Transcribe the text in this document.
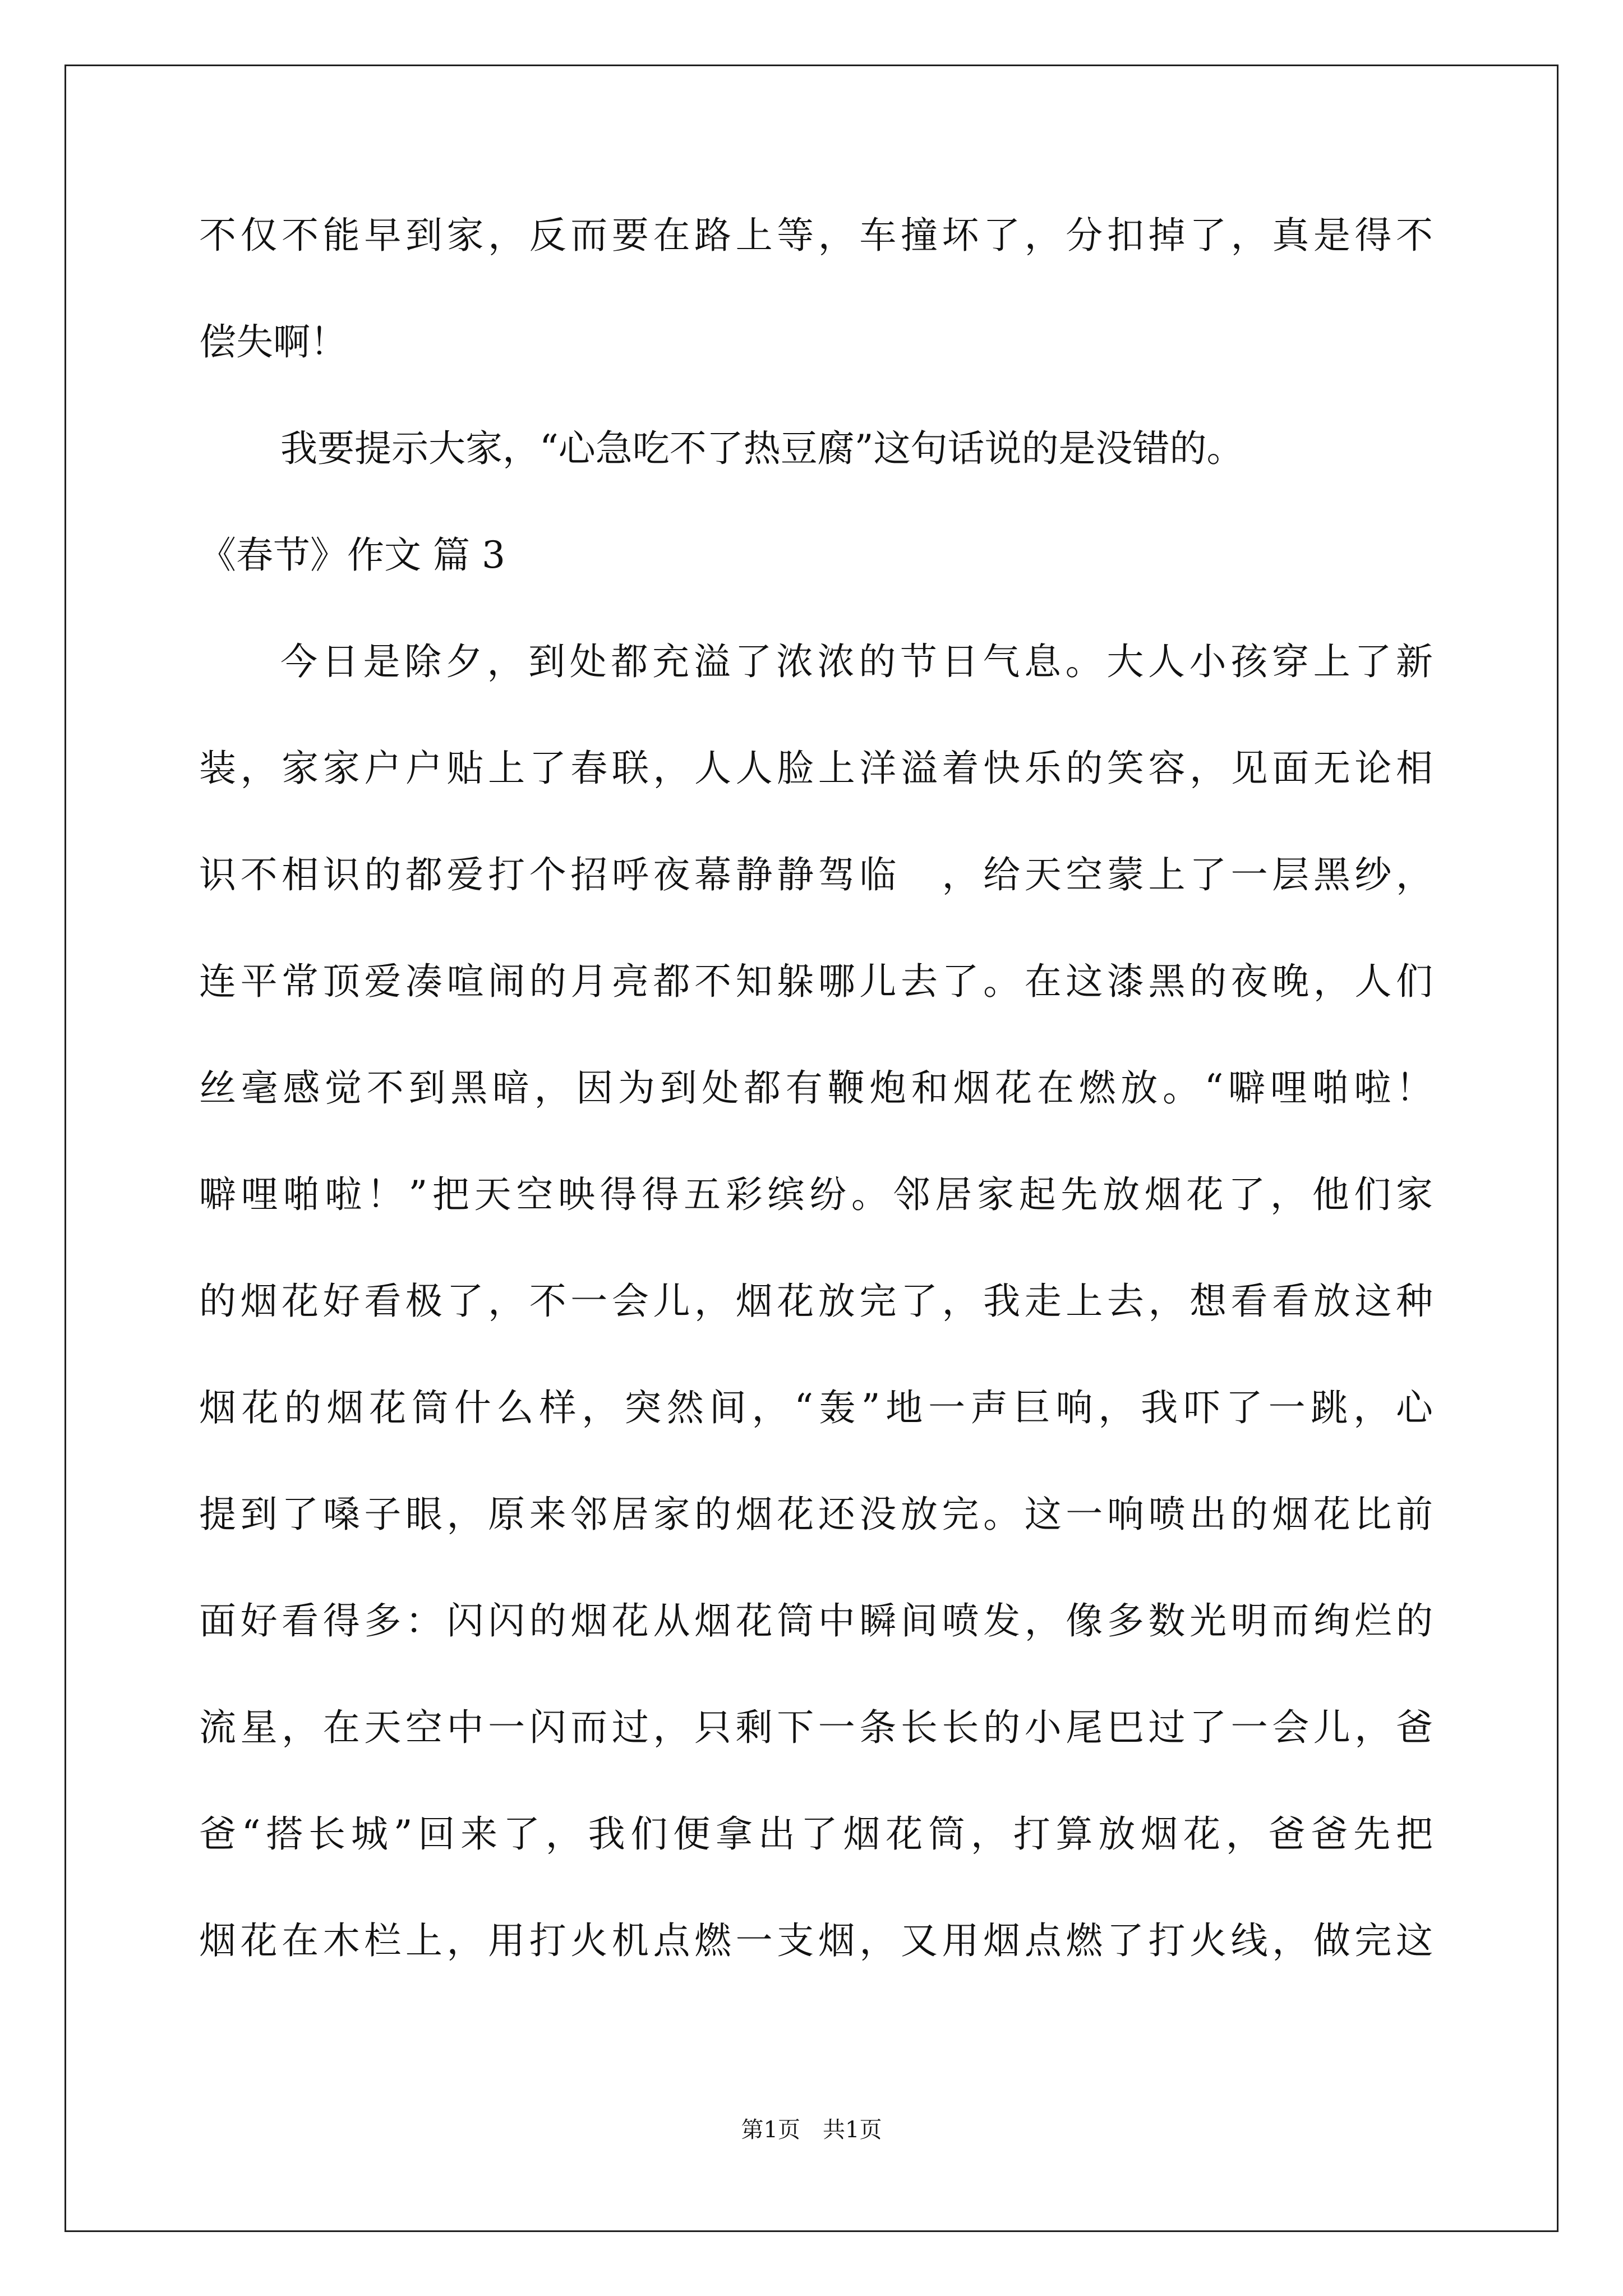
不仅不能早到家，反而要在路上等，车撞坏了，分扣掉了，真是得不
偿失啊！
我要提示大家，“心急吃不了热豆腐”这句话说的是没错的。
《春节》作文 篇 3
今日是除夕，到处都充溢了浓浓的节日气息。大人小孩穿上了新
装，家家户户贴上了春联，人人脸上洋溢着快乐的笑容，见面无论相
识不相识的都爱打个招呼夜幕静静驾临　，给天空蒙上了一层黑纱，
连平常顶爱凑喧闹的月亮都不知躲哪儿去了。在这漆黑的夜晚，人们
丝毫感觉不到黑暗，因为到处都有鞭炮和烟花在燃放。“噼哩啪啦！
噼哩啪啦！”把天空映得得五彩缤纷。邻居家起先放烟花了，他们家
的烟花好看极了，不一会儿，烟花放完了，我走上去，想看看放这种
烟花的烟花筒什么样，突然间，“轰”地一声巨响，我吓了一跳，心
提到了嗓子眼，原来邻居家的烟花还没放完。这一响喷出的烟花比前
面好看得多：闪闪的烟花从烟花筒中瞬间喷发，像多数光明而绚烂的
流星，在天空中一闪而过，只剩下一条长长的小尾巴过了一会儿，爸
爸“搭长城”回来了，我们便拿出了烟花筒，打算放烟花，爸爸先把
烟花在木栏上，用打火机点燃一支烟，又用烟点燃了打火线，做完这
第1页 共1页
